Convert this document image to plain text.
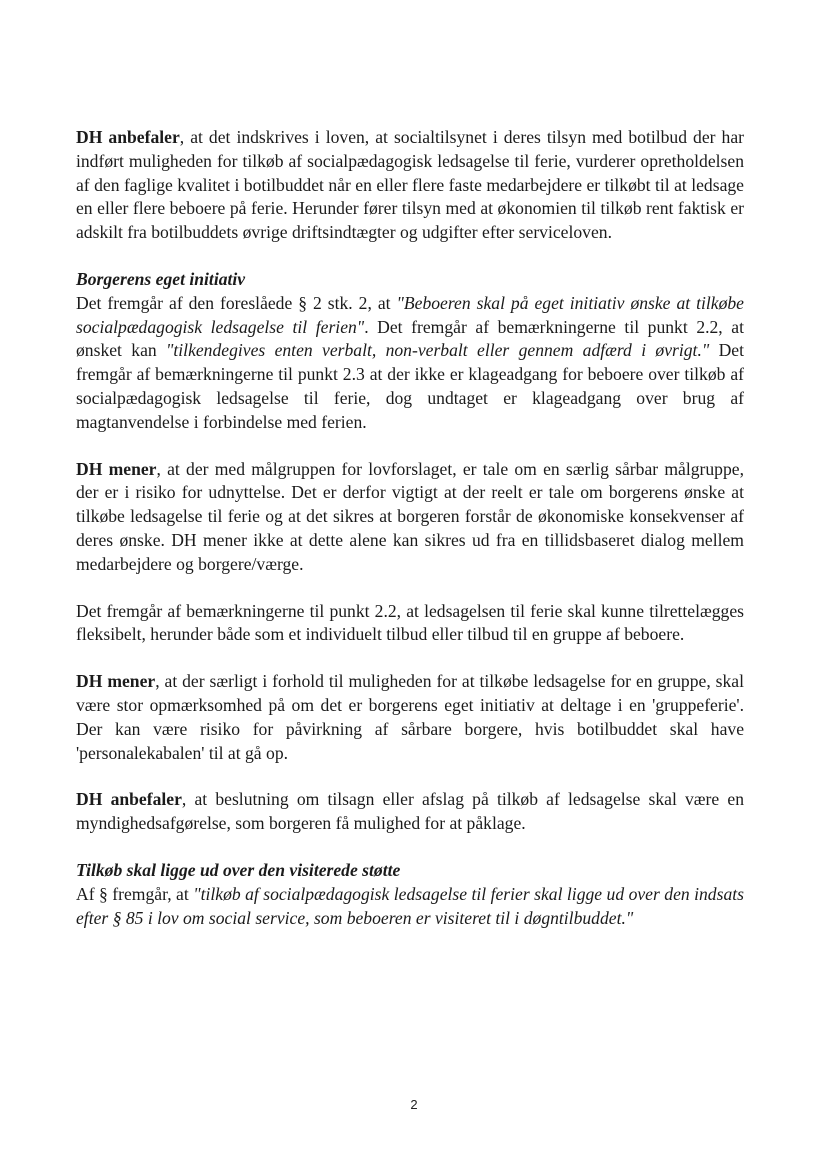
DH anbefaler, at det indskrives i loven, at socialtilsynet i deres tilsyn med botilbud der har indført muligheden for tilkøb af socialpædagogisk ledsagelse til ferie, vurderer opretholdelsen af den faglige kvalitet i botilbuddet når en eller flere faste medarbejdere er tilkøbt til at ledsage en eller flere beboere på ferie. Herunder fører tilsyn med at økonomien til tilkøb rent faktisk er adskilt fra botilbuddets øvrige driftsindtægter og udgifter efter serviceloven.

Borgerens eget initiativ
Det fremgår af den foreslåede § 2 stk. 2, at "Beboeren skal på eget initiativ ønske at tilkøbe socialpædagogisk ledsagelse til ferien". Det fremgår af bemærkningerne til punkt 2.2, at ønsket kan "tilkendegives enten verbalt, non-verbalt eller gennem adfærd i øvrigt." Det fremgår af bemærkningerne til punkt 2.3 at der ikke er klageadgang for beboere over tilkøb af socialpædagogisk ledsagelse til ferie, dog undtaget er klageadgang over brug af magtanvendelse i forbindelse med ferien.

DH mener, at der med målgruppen for lovforslaget, er tale om en særlig sårbar målgruppe, der er i risiko for udnyttelse. Det er derfor vigtigt at der reelt er tale om borgerens ønske at tilkøbe ledsagelse til ferie og at det sikres at borgeren forstår de økonomiske konsekvenser af deres ønske. DH mener ikke at dette alene kan sikres ud fra en tillidsbaseret dialog mellem medarbejdere og borgere/værge.

Det fremgår af bemærkningerne til punkt 2.2, at ledsagelsen til ferie skal kunne tilrettelægges fleksibelt, herunder både som et individuelt tilbud eller tilbud til en gruppe af beboere.

DH mener, at der særligt i forhold til muligheden for at tilkøbe ledsagelse for en gruppe, skal være stor opmærksomhed på om det er borgerens eget initiativ at deltage i en 'gruppeferie'. Der kan være risiko for påvirkning af sårbare borgere, hvis botilbuddet skal have 'personalekabalen' til at gå op.

DH anbefaler, at beslutning om tilsagn eller afslag på tilkøb af ledsagelse skal være en myndighedsafgørelse, som borgeren få mulighed for at påklage.

Tilkøb skal ligge ud over den visiterede støtte
Af § fremgår, at "tilkøb af socialpædagogisk ledsagelse til ferier skal ligge ud over den indsats efter § 85 i lov om social service, som beboeren er visiteret til i døgntilbuddet."

2
